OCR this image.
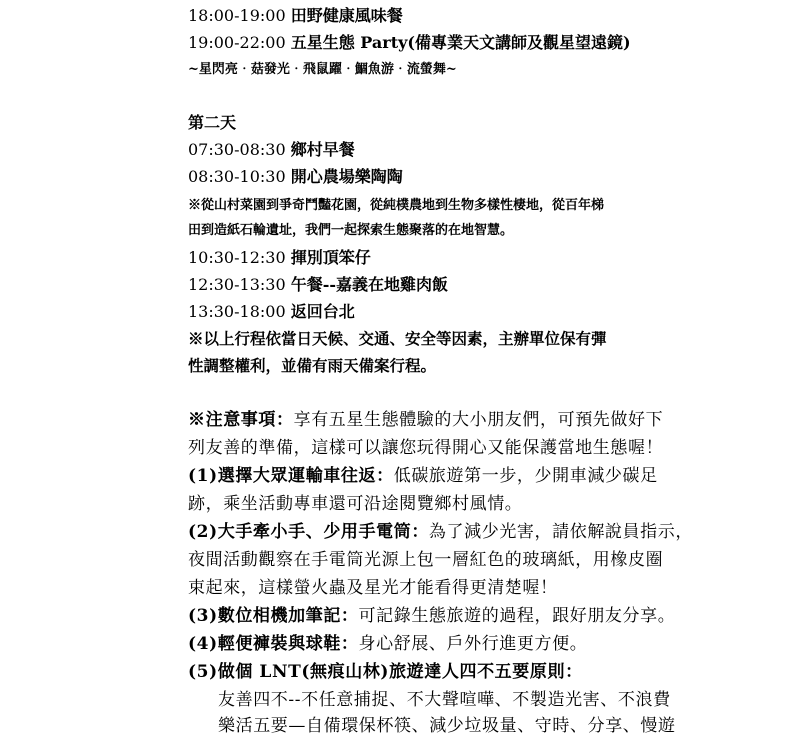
18:00-19:00 田野健康風味餐
19:00-22:00 五星生態 Party(備專業天文講師及觀星望遠鏡)
~星閃亮‧菇發光‧飛鼠躍‧鯝魚游‧流螢舞~
第二天
07:30-08:30 鄉村早餐
08:30-10:30 開心農場樂陶陶
※從山村菜園到爭奇鬥豔花園，從純樸農地到生物多樣性棲地，從百年梯
田到造紙石輪遺址，我們一起探索生態聚落的在地智慧。
10:30-12:30 揮別頂笨仔
12:30-13:30 午餐--嘉義在地雞肉飯
13:30-18:00 返回台北
※以上行程依當日天候、交通、安全等因素，主辦單位保有彈
性調整權利，並備有雨天備案行程。
※注意事項：享有五星生態體驗的大小朋友們，可預先做好下
列友善的準備，這樣可以讓您玩得開心又能保護當地生態喔！
(1)選擇大眾運輸車往返：低碳旅遊第一步，少開車減少碳足
跡，乘坐活動專車還可沿途閱覽鄉村風情。
(2)大手牽小手、少用手電筒：為了減少光害，請依解說員指示，
夜間活動觀察在手電筒光源上包一層紅色的玻璃紙，用橡皮圈
束起來，這樣螢火蟲及星光才能看得更清楚喔！
(3)數位相機加筆記：可記錄生態旅遊的過程，跟好朋友分享。
(4)輕便褲裝與球鞋：身心舒展、戶外行進更方便。
(5)做個 LNT(無痕山林)旅遊達人四不五要原則：
友善四不--不任意捕捉、不大聲喧嘩、不製造光害、不浪費
樂活五要—自備環保杯筷、減少垃圾量、守時、分享、慢遊
